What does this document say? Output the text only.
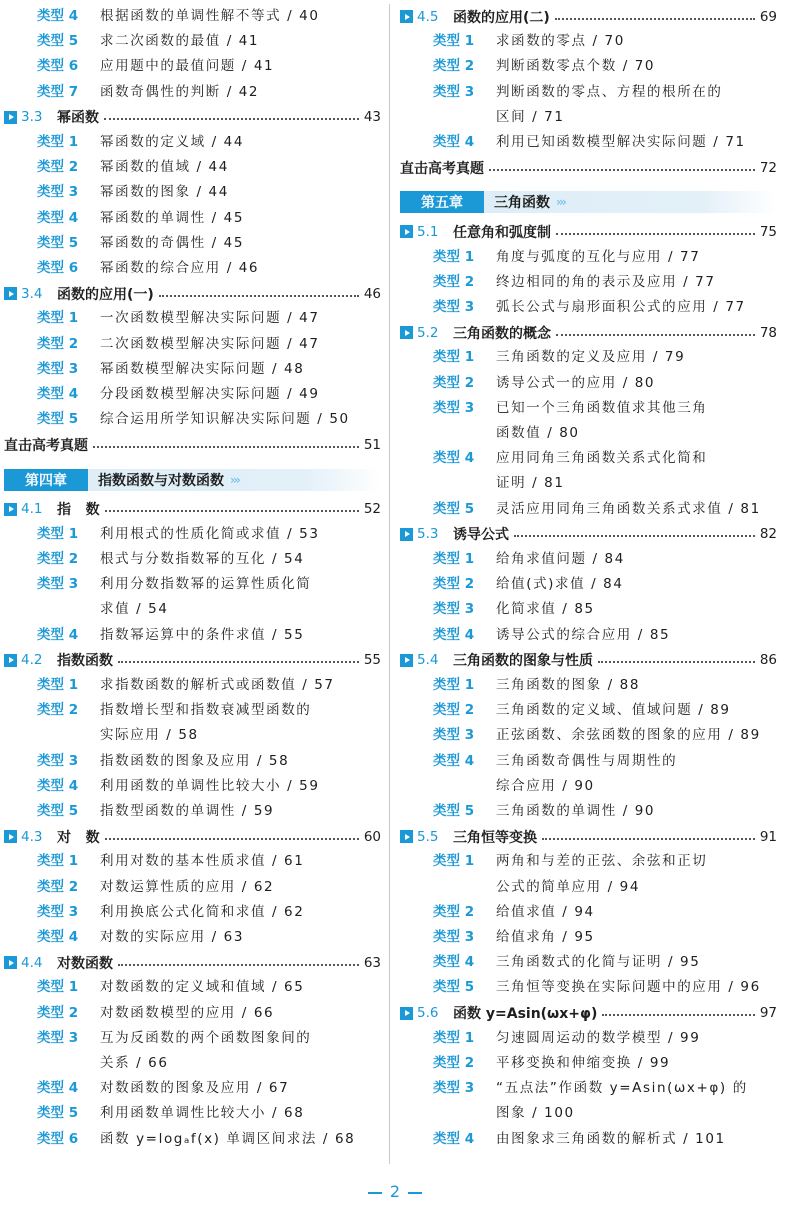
类型 4	根据函数的单调性解不等式 / 40
类型 5	求二次函数的最值 / 41
类型 6	应用题中的最值问题 / 41
类型 7	函数奇偶性的判断 / 42
3.3	幂函数	43
类型 1	幂函数的定义域 / 44
类型 2	幂函数的值域 / 44
类型 3	幂函数的图象 / 44
类型 4	幂函数的单调性 / 45
类型 5	幂函数的奇偶性 / 45
类型 6	幂函数的综合应用 / 46
3.4	函数的应用(一)	46
类型 1	一次函数模型解决实际问题 / 47
类型 2	二次函数模型解决实际问题 / 47
类型 3	幂函数模型解决实际问题 / 48
类型 4	分段函数模型解决实际问题 / 49
类型 5	综合运用所学知识解决实际问题 / 50
直击高考真题	51
第四章	指数函数与对数函数 ›››
4.1	指   数	52
类型 1	利用根式的性质化简或求值 / 53
类型 2	根式与分数指数幂的互化 / 54
类型 3	利用分数指数幂的运算性质化简
求值 / 54
类型 4	指数幂运算中的条件求值 / 55
4.2	指数函数	55
类型 1	求指数函数的解析式或函数值 / 57
类型 2	指数增长型和指数衰减型函数的
实际应用 / 58
类型 3	指数函数的图象及应用 / 58
类型 4	利用函数的单调性比较大小 / 59
类型 5	指数型函数的单调性 / 59
4.3	对   数	60
类型 1	利用对数的基本性质求值 / 61
类型 2	对数运算性质的应用 / 62
类型 3	利用换底公式化简和求值 / 62
类型 4	对数的实际应用 / 63
4.4	对数函数	63
类型 1	对数函数的定义域和值域 / 65
类型 2	对数函数模型的应用 / 66
类型 3	互为反函数的两个函数图象间的
关系 / 66
类型 4	对数函数的图象及应用 / 67
类型 5	利用函数单调性比较大小 / 68
类型 6	函数 y=logₐf(x) 单调区间求法 / 68
4.5	函数的应用(二)	69
类型 1	求函数的零点 / 70
类型 2	判断函数零点个数 / 70
类型 3	判断函数的零点、方程的根所在的
区间 / 71
类型 4	利用已知函数模型解决实际问题 / 71
直击高考真题	72
第五章	三角函数 ›››
5.1	任意角和弧度制	75
类型 1	角度与弧度的互化与应用 / 77
类型 2	终边相同的角的表示及应用 / 77
类型 3	弧长公式与扇形面积公式的应用 / 77
5.2	三角函数的概念	78
类型 1	三角函数的定义及应用 / 79
类型 2	诱导公式一的应用 / 80
类型 3	已知一个三角函数值求其他三角
函数值 / 80
类型 4	应用同角三角函数关系式化简和
证明 / 81
类型 5	灵活应用同角三角函数关系式求值 / 81
5.3	诱导公式	82
类型 1	给角求值问题 / 84
类型 2	给值(式)求值 / 84
类型 3	化简求值 / 85
类型 4	诱导公式的综合应用 / 85
5.4	三角函数的图象与性质	86
类型 1	三角函数的图象 / 88
类型 2	三角函数的定义域、值域问题 / 89
类型 3	正弦函数、余弦函数的图象的应用 / 89
类型 4	三角函数奇偶性与周期性的
综合应用 / 90
类型 5	三角函数的单调性 / 90
5.5	三角恒等变换	91
类型 1	两角和与差的正弦、余弦和正切
公式的简单应用 / 94
类型 2	给值求值 / 94
类型 3	给值求角 / 95
类型 4	三角函数式的化简与证明 / 95
类型 5	三角恒等变换在实际问题中的应用 / 96
5.6	函数 y=Asin(ωx+φ)	97
类型 1	匀速圆周运动的数学模型 / 99
类型 2	平移变换和伸缩变换 / 99
类型 3	“五点法”作函数 y=Asin(ωx+φ) 的
图象 / 100
类型 4	由图象求三角函数的解析式 / 101
2
